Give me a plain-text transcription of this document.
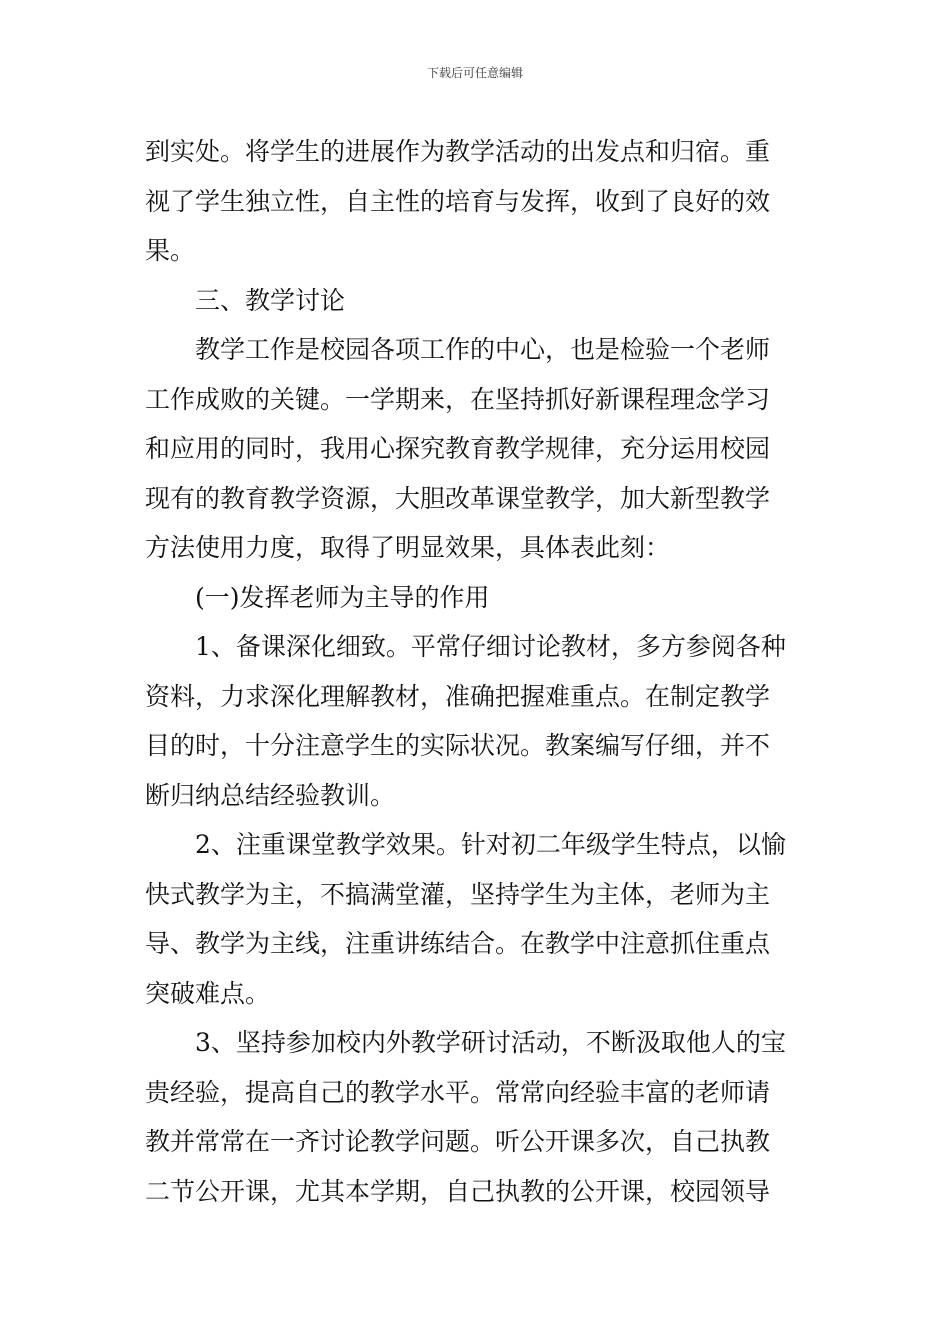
下载后可任意编辑
到实处。将学生的进展作为教学活动的出发点和归宿。重
视了学生独立性，自主性的培育与发挥，收到了良好的效
果。
三、教学讨论
教学工作是校园各项工作的中心，也是检验一个老师
工作成败的关键。一学期来，在坚持抓好新课程理念学习
和应用的同时，我用心探究教育教学规律，充分运用校园
现有的教育教学资源，大胆改革课堂教学，加大新型教学
方法使用力度，取得了明显效果，具体表此刻：
(一)发挥老师为主导的作用
1、备课深化细致。平常仔细讨论教材，多方参阅各种
资料，力求深化理解教材，准确把握难重点。在制定教学
目的时，十分注意学生的实际状况。教案编写仔细，并不
断归纳总结经验教训。
2、注重课堂教学效果。针对初二年级学生特点，以愉
快式教学为主，不搞满堂灌，坚持学生为主体，老师为主
导、教学为主线，注重讲练结合。在教学中注意抓住重点
突破难点。
3、坚持参加校内外教学研讨活动，不断汲取他人的宝
贵经验，提高自己的教学水平。常常向经验丰富的老师请
教并常常在一齐讨论教学问题。听公开课多次，自己执教
二节公开课，尤其本学期，自己执教的公开课，校园领导
